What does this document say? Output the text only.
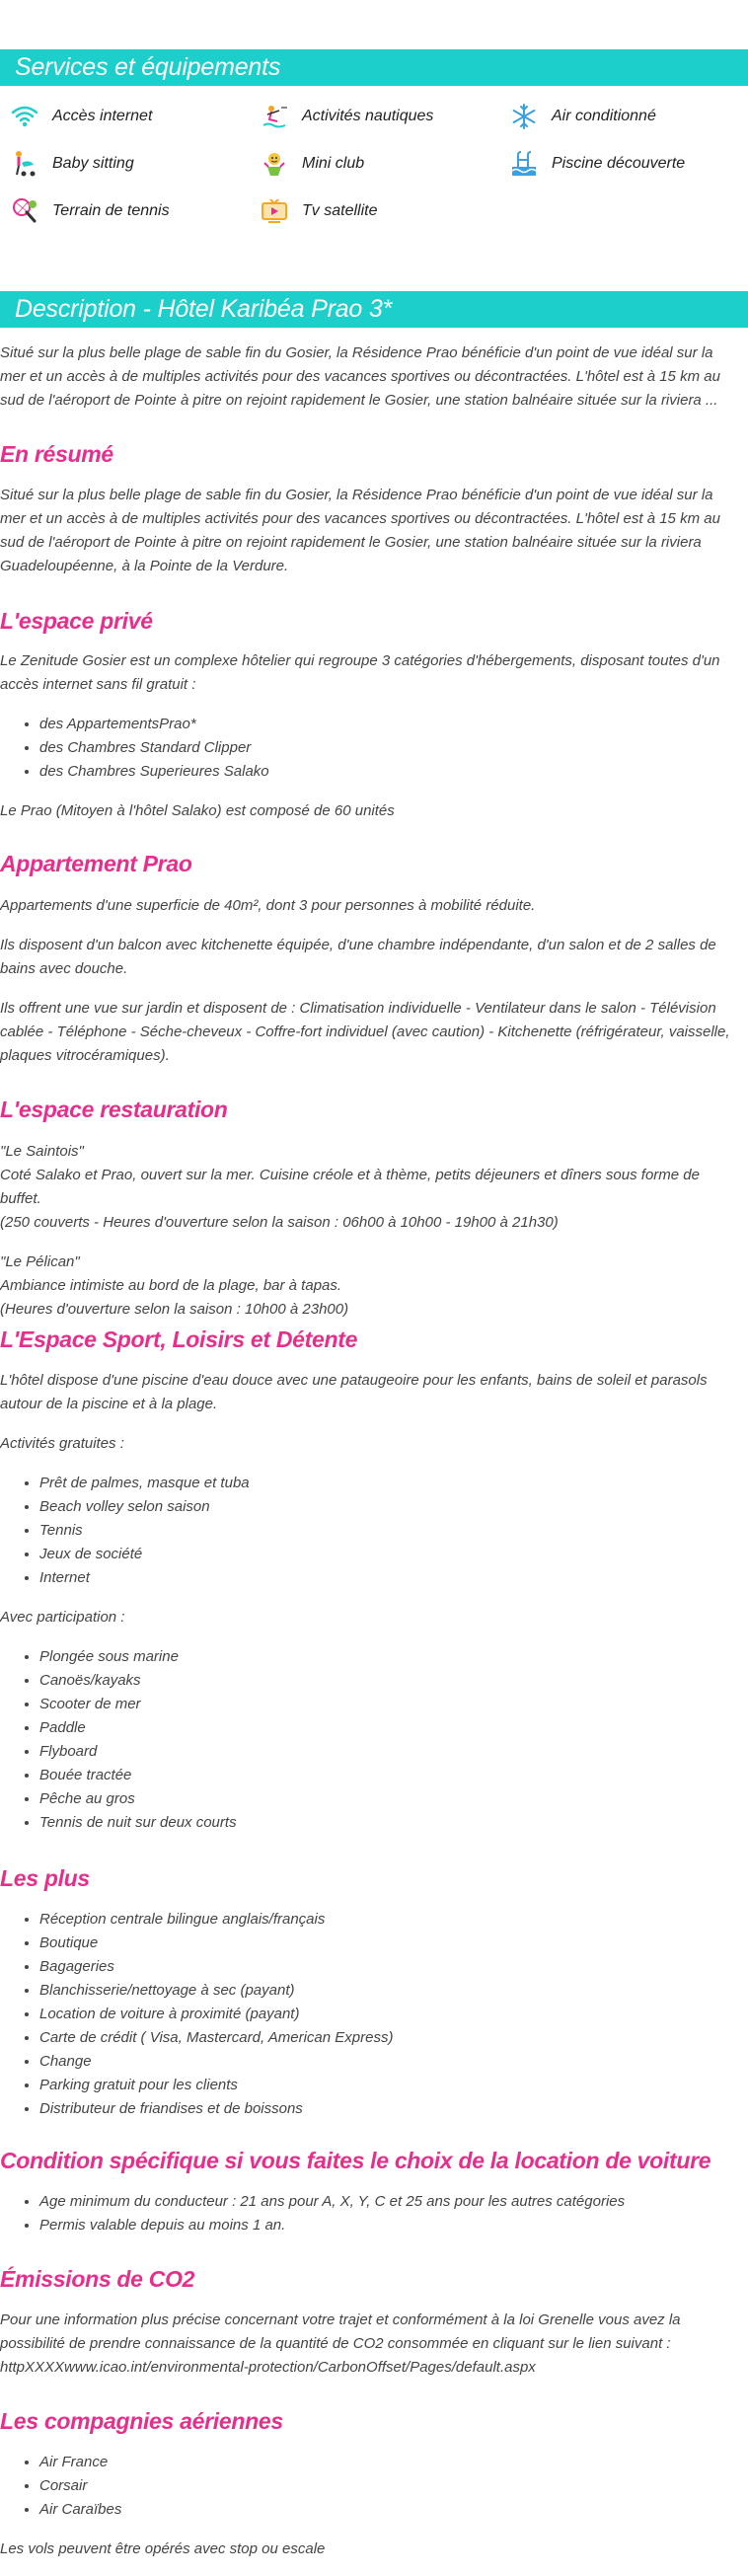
Services et équipements
Accès internet	Activités nautiques	Air conditionné
Baby sitting	Mini club	Piscine découverte
Terrain de tennis	Tv satellite
Description - Hôtel Karibéa Prao 3*

Situé sur la plus belle plage de sable fin du Gosier, la Résidence Prao bénéficie d'un point de vue idéal sur la mer et un accès à de multiples activités pour des vacances sportives ou décontractées. L'hôtel est à 15 km au sud de l'aéroport de Pointe à pitre on rejoint rapidement le Gosier, une station balnéaire située sur la riviera ...

En résumé

Situé sur la plus belle plage de sable fin du Gosier, la Résidence Prao bénéficie d'un point de vue idéal sur la mer et un accès à de multiples activités pour des vacances sportives ou décontractées. L'hôtel est à 15 km au sud de l'aéroport de Pointe à pitre on rejoint rapidement le Gosier, une station balnéaire située sur la riviera Guadeloupéenne, à la Pointe de la Verdure.

L'espace privé

Le Zenitude Gosier est un complexe hôtelier qui regroupe 3 catégories d'hébergements, disposant toutes d'un accès internet sans fil gratuit :

• des AppartementsPrao*
• des Chambres Standard Clipper
• des Chambres Superieures Salako

Le Prao (Mitoyen à l'hôtel Salako) est composé de 60 unités

Appartement Prao

Appartements d'une superficie de 40m², dont 3 pour personnes à mobilité réduite.

Ils disposent d'un balcon avec kitchenette équipée, d'une chambre indépendante, d'un salon et de 2 salles de bains avec douche.

Ils offrent une vue sur jardin et disposent de : Climatisation individuelle - Ventilateur dans le salon - Télévision cablée - Téléphone - Séche-cheveux - Coffre-fort individuel (avec caution) - Kitchenette (réfrigérateur, vaisselle, plaques vitrocéramiques).

L'espace restauration

"Le Saintois"

Coté Salako et Prao, ouvert sur la mer. Cuisine créole et à thème, petits déjeuners et dîners sous forme de buffet.

(250 couverts - Heures d'ouverture selon la saison : 06h00 à 10h00 - 19h00 à 21h30)

"Le Pélican"

Ambiance intimiste au bord de la plage, bar à tapas.

(Heures d'ouverture selon la saison : 10h00 à 23h00)

L'Espace Sport, Loisirs et Détente

L'hôtel dispose d'une piscine d'eau douce avec une pataugeoire pour les enfants, bains de soleil et parasols autour de la piscine et à la plage.

Activités gratuites :

• Prêt de palmes, masque et tuba
• Beach volley selon saison
• Tennis
• Jeux de société
• Internet

Avec participation :

• Plongée sous marine
• Canoës/kayaks
• Scooter de mer
• Paddle
• Flyboard
• Bouée tractée
• Pêche au gros
• Tennis de nuit sur deux courts
Les plus
• Réception centrale bilingue anglais/français
• Boutique
• Bagageries
• Blanchisserie/nettoyage à sec (payant)
• Location de voiture à proximité (payant)
• Carte de crédit ( Visa, Mastercard, American Express)
• Change
• Parking gratuit pour les clients
• Distributeur de friandises et de boissons
Condition spécifique si vous faites le choix de la location de voiture
• Age minimum du conducteur : 21 ans pour A, X, Y, C et 25 ans pour les autres catégories
• Permis valable depuis au moins 1 an.
Émissions de CO2

Pour une information plus précise concernant votre trajet et conformément à la loi Grenelle vous avez la possibilité de prendre connaissance de la quantité de CO2 consommée en cliquant sur le lien suivant : httpXXXXwww.icao.int/environmental-protection/CarbonOffset/Pages/default.aspx

Les compagnies aériennes
• Air France
• Corsair
• Air Caraïbes

Les vols peuvent être opérés avec stop ou escale
